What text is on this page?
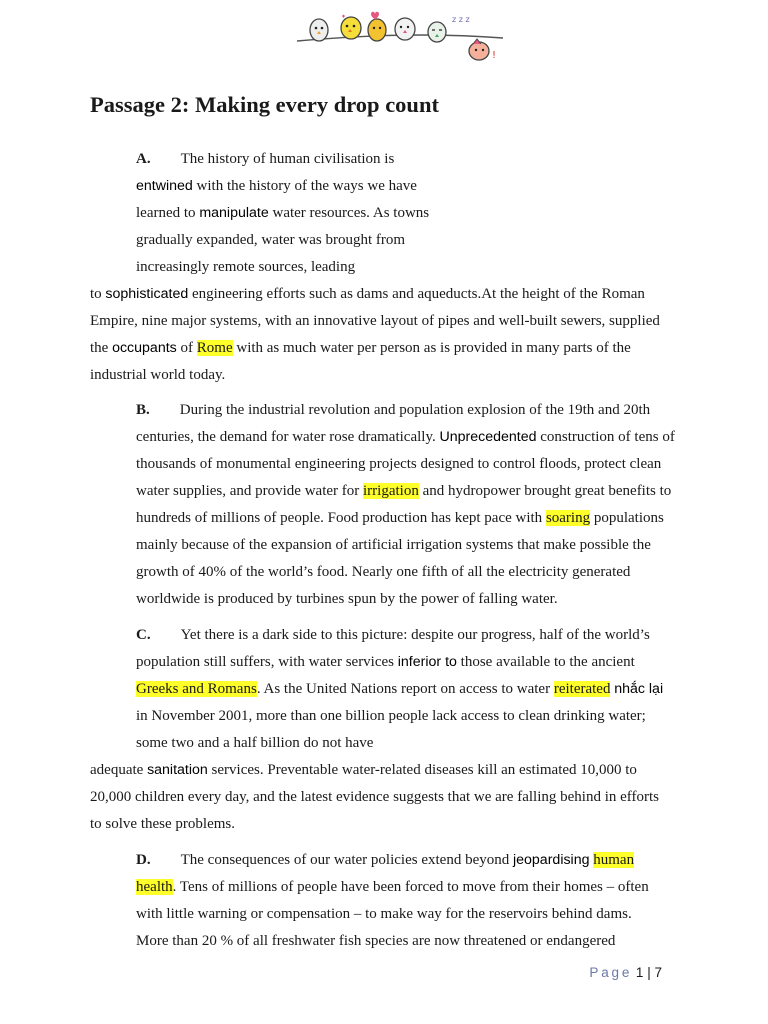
z z z
!
Passage 2: Making every drop count
A. The history of human civilisation is
entwined with the history of the ways we have
learned to manipulate water resources. As towns
gradually expanded, water was brought from
increasingly remote sources, leading
to sophisticated engineering efforts such as dams and aqueducts.At the height of the Roman
Empire, nine major systems, with an innovative layout of pipes and well-built sewers, supplied
the occupants of Rome with as much water per person as is provided in many parts of the
industrial world today.
B. During the industrial revolution and population explosion of the 19th and 20th
centuries, the demand for water rose dramatically. Unprecedented construction of tens of
thousands of monumental engineering projects designed to control floods, protect clean
water supplies, and provide water for irrigation and hydropower brought great benefits to
hundreds of millions of people. Food production has kept pace with soaring populations
mainly because of the expansion of artificial irrigation systems that make possible the
growth of 40% of the world’s food. Nearly one fifth of all the electricity generated
worldwide is produced by turbines spun by the power of falling water.
C. Yet there is a dark side to this picture: despite our progress, half of the world’s
population still suffers, with water services inferior to those available to the ancient
Greeks and Romans. As the United Nations report on access to water reiterated nhắc lại
in November 2001, more than one billion people lack access to clean drinking water;
some two and a half billion do not have
adequate sanitation services. Preventable water-related diseases kill an estimated 10,000 to
20,000 children every day, and the latest evidence suggests that we are falling behind in efforts
to solve these problems.
D. The consequences of our water policies extend beyond jeopardising human
health. Tens of millions of people have been forced to move from their homes – often
with little warning or compensation – to make way for the reservoirs behind dams.
More than 20 % of all freshwater fish species are now threatened or endangered
Page 1 | 7
